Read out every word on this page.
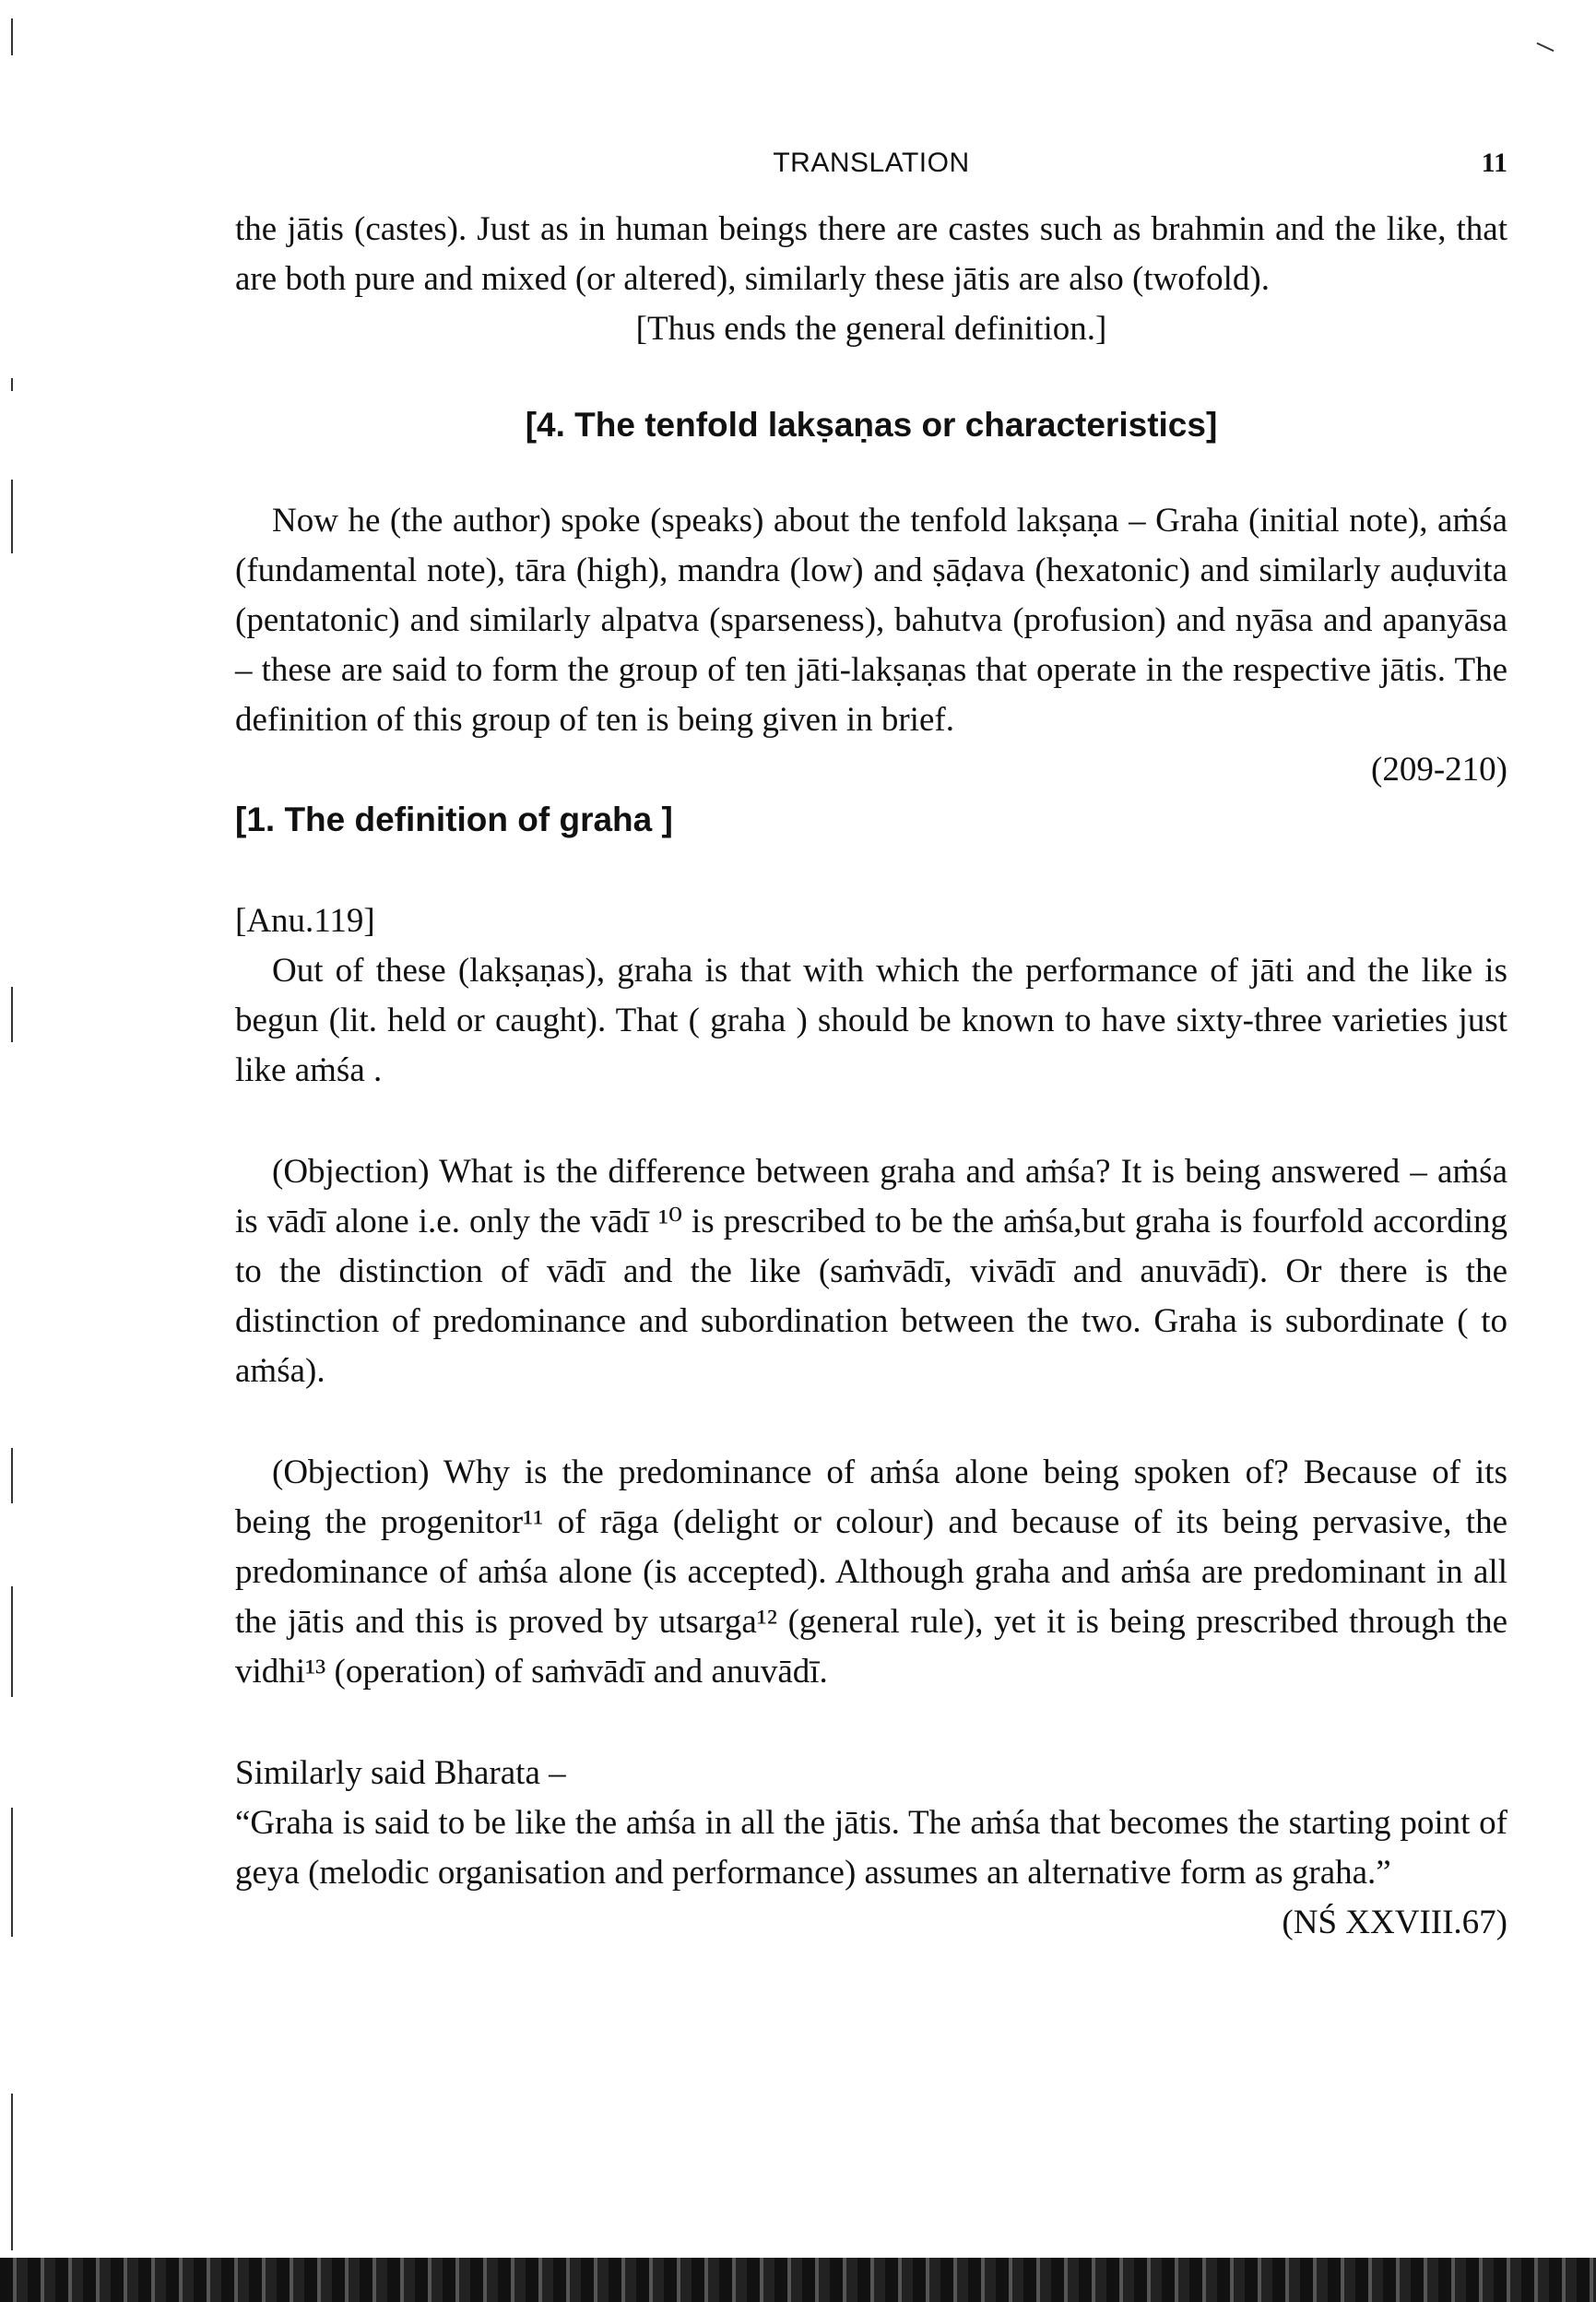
TRANSLATION	11

the jātis (castes). Just as in human beings there are castes such as brahmin and the like, that are both pure and mixed (or altered), similarly these jātis are also (twofold).

[Thus ends the general definition.]

[4. The tenfold lakṣaṇas or characteristics]

Now he (the author) spoke (speaks) about the tenfold lakṣaṇa – Graha (initial note), aṁśa (fundamental note), tāra (high), mandra (low) and ṣāḍava (hexatonic) and similarly auḍuvita (pentatonic) and similarly alpatva (sparseness), bahutva (profusion) and nyāsa and apanyāsa – these are said to form the group of ten jāti-lakṣaṇas that operate in the respective jātis. The definition of this group of ten is being given in brief.

(209-210)

[1. The definition of graha ]

[Anu.119]

Out of these (lakṣaṇas), graha is that with which the performance of jāti and the like is begun (lit. held or caught). That ( graha ) should be known to have sixty-three varieties just like aṁśa .

(Objection) What is the difference between graha and aṁśa? It is being answered – aṁśa is vādī alone i.e. only the vādī ¹⁰ is prescribed to be the aṁśa,but graha is fourfold according to the distinction of vādī and the like (saṁvādī, vivādī and anuvādī). Or there is the distinction of predominance and subordination between the two. Graha is subordinate ( to aṁśa).

(Objection) Why is the predominance of aṁśa alone being spoken of? Because of its being the progenitor¹¹ of rāga (delight or colour) and because of its being pervasive, the predominance of aṁśa alone (is accepted). Although graha and aṁśa are predominant in all the jātis and this is proved by utsarga¹² (general rule), yet it is being prescribed through the vidhi¹³ (operation) of saṁvādī and anuvādī.

Similarly said Bharata –

“Graha is said to be like the aṁśa in all the jātis. The aṁśa that becomes the starting point of geya (melodic organisation and performance) assumes an alternative form as graha.”

(NŚ XXVIII.67)
